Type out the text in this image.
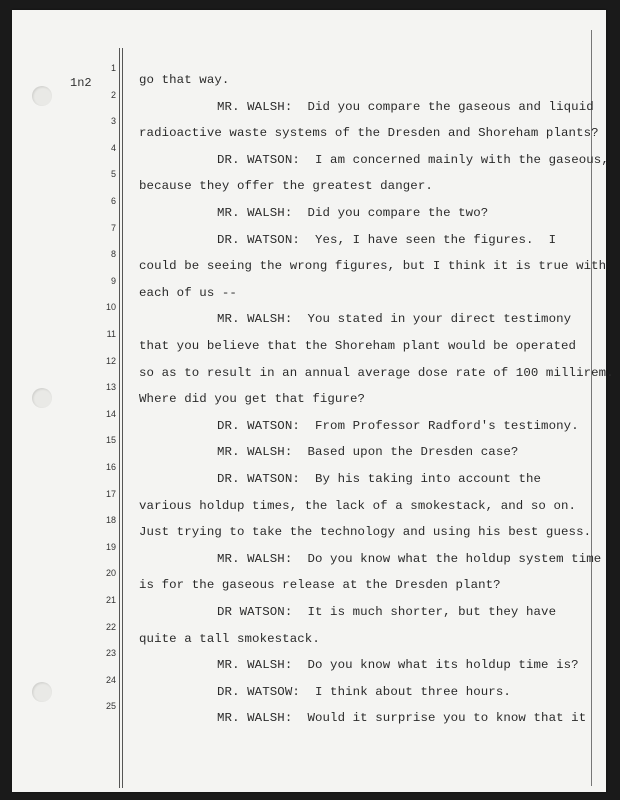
1n2
1
go that way.
2
MR. WALSH: Did you compare the gaseous and liquid
3
radioactive waste systems of the Dresden and Shoreham plants?
4
DR. WATSON: I am concerned mainly with the gaseous,
5
because they offer the greatest danger.
6
MR. WALSH: Did you compare the two?
7
DR. WATSON: Yes, I have seen the figures.  I
8
could be seeing the wrong figures, but I think it is true with
9
each of us --
10
MR. WALSH: You stated in your direct testimony
11
that you believe that the Shoreham plant would be operated
12
so as to result in an annual average dose rate of 100 millirem.
13
Where did you get that figure?
14
DR. WATSON: From Professor Radford's testimony.
15
MR. WALSH: Based upon the Dresden case?
16
DR. WATSON: By his taking into account the
17
various holdup times, the lack of a smokestack, and so on.
18
Just trying to take the technology and using his best guess.
19
MR. WALSH: Do you know what the holdup system time
20
is for the gaseous release at the Dresden plant?
21
DR WATSON: It is much shorter, but they have
22
quite a tall smokestack.
23
MR. WALSH: Do you know what its holdup time is?
24
DR. WATSOW: I think about three hours.
25
MR. WALSH: Would it surprise you to know that it
